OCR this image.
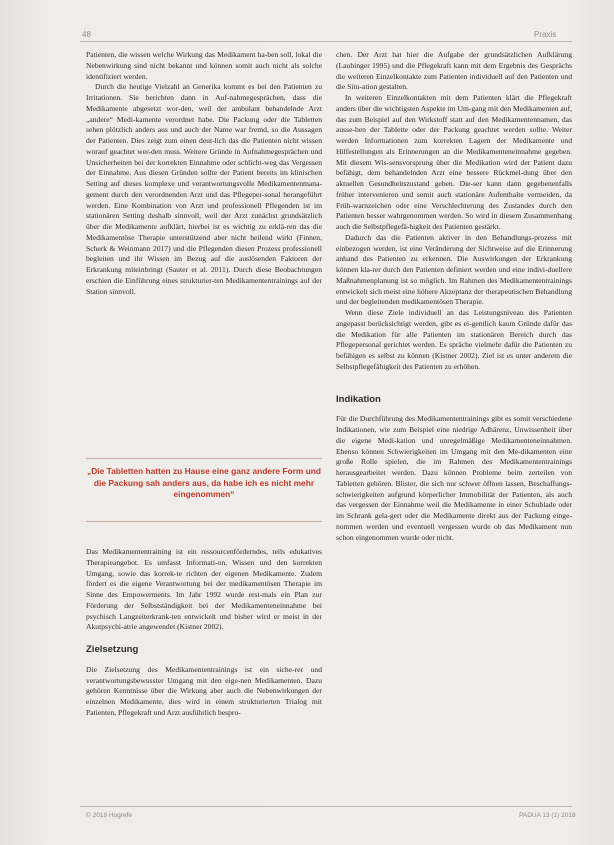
48	Praxis

Patienten, die wissen welche Wirkung das Medikament ha-ben soll, lokal die Nebenwirkung sind nicht bekannt und können somit auch nicht als solche identifiziert werden.

Durch die heutige Vielzahl an Generika kommt es bei den Patienten zu Irritationen. Sie berichten dann in Auf-nahmegesprächen, dass die Medikamente abgesetzt wor-den, weil der ambulant behandelnde Arzt „andere“ Medi-kamente verordnet habe. Die Packung oder die Tabletten sehen plötzlich anders aus und auch der Name war fremd, so die Aussagen der Patienten. Dies zeigt zum einen deut-lich das die Patienten nicht wissen worauf geachtet wer-den muss. Weitere Gründe in Aufnahmegesprächen und Unsicherheiten bei der korrekten Einnahme oder schlicht-weg das Vergessen der Einnahme. Aus diesen Gründen sollte der Patient bereits im klinischen Setting auf dieses komplexe und verantwortungsvolle Medikamentenmana-gement durch den verordnenden Arzt und das Pflegeper-sonal herangeführt werden. Eine Kombination von Arzt und professionell Pflegenden ist im stationären Setting deshalb sinnvoll, weil der Arzt zunächst grundsätzlich über die Medikamente aufklärt, hierbei ist es wichtig zu erklä-ren das die Medikamentöse Therapie unterstützend aber nicht heilend wirkt (Finnen, Scherk & Weinmann 2017) und die Pflegenden diesen Prozess professionell begleiten und ihr Wissen im Bezug auf die auslösenden Faktoren der Erkrankung miteinbringt (Sauter et al. 2011). Durch diese Beobachtungen erschien die Einführung eines strukturier-ten Medikamententrainings auf der Station sinnvoll.

„Die Tabletten hatten zu Hause eine ganz andere Form und die Packung sah anders aus, da habe ich es nicht mehr eingenommen“

Das Medikamententraining ist ein ressourcenförderndes, teils edukatives Therapieangebot. Es umfasst Informati-on, Wissen und den korrekten Umgang, sowie das korrek-te richten der eigenen Medikamente. Zudem fördert es die eigene Verantwortung bei der medikamentösen Therapie im Sinne des Empowerments. Im Jahr 1992 wurde erst-mals ein Plan zur Förderung der Selbstständigkeit bei der Medikamenteneinnahme bei psychisch Langzeiterkrank-ten entwickelt und bisher wird er meist in der Akutpsychi-atrie angewendet (Kistner 2002).

Zielsetzung

Die Zielsetzung des Medikamententrainings ist ein siche-rer und verantwortungsbewusster Umgang mit den eige-nen Medikamenten. Dazu gehören Kenntnisse über die Wirkung aber auch die Nebenwirkungen der einzelnen Medikamente, dies wird in einem strukturierten Trialog mit Patienten, Pflegekraft und Arzt ausführlich bespro-

chen. Der Arzt hat hier die Aufgabe der grundsätzlichen Aufklärung (Laubinger 1995) und die Pflegekraft kann mit dem Ergebnis des Gesprächs die weiteren Einzelkontakte zum Patienten individuell auf den Patienten und die Situ-ation gestalten.

In weiteren Einzelkontakten mit dem Patienten klärt die Pflegekraft anders über die wichtigsten Aspekte im Um-gang mit den Medikamenten auf, das zum Beispiel auf den Wirkstoff statt auf den Medikamentennamen, das ausse-hen der Tablette oder der Packung geachtet werden sollte. Weiter werden Informationen zum korrekten Lagern der Medikamente und Hilfestellungen als Erinnerungen an die Medikamenteneinnahme gegeben. Mit diesem Wis-sensvorsprung über die Medikation wird der Patient dazu befähigt, dem behandelnden Arzt eine bessere Rückmel-dung über den aktuellen Gesundheitszustand geben. Die-ser kann dann gegebenenfalls früher intervenieren und somit auch stationäre Aufenthalte vermeiden, da Früh-warnzeichen oder eine Verschlechterung des Zustandes durch den Patienten besser wahrgenommen werden. So wird in diesem Zusammenhang auch die Selbstpflegefä-higkeit des Patienten gestärkt.

Dadurch das die Patienten aktiver in den Behandlungs-prozess mit einbezogen werden, ist eine Veränderung der Sichtweise auf die Erinnerung anhand des Patienten zu erkennen. Die Auswirkungen der Erkrankung können kla-rer durch den Patienten definiert werden und eine indivi-duellere Maßnahmenplanung ist so möglich. Im Rahmen des Medikamententrainings entwickelt sich meist eine höhere Akzeptanz der therapeutischen Behandlung und der begleitenden medikamentösen Therapie.

Wenn diese Ziele individuell an das Leistungsniveau des Patienten angepasst berücksichtigt werden, gibt es ei-gentlich kaum Gründe dafür das die Medikation für alle Patienten im stationären Bereich durch das Pflegepersonal gerichtet werden. Es spräche vielmehr dafür die Patienten zu befähigen es selbst zu können (Kistner 2002). Ziel ist es unter anderem die Selbstpflegefähigkeit des Patienten zu erhöhen.

Indikation

Für die Durchführung des Medikamententrainings gibt es somit verschiedene Indikationen, wie zum Beispiel eine niedrige Adhärenz, Unwissenheit über die eigene Medi-kation und unregelmäßige Medikamenteneinnahmen. Ebenso können Schwierigkeiten im Umgang mit den Me-dikamenten eine große Rolle spielen, die im Rahmen des Medikamententrainings herausgearbeitet werden. Dazu können Probleme beim zerteilen von Tabletten gehören. Blister, die sich nur schwer öffnen lassen, Beschaffungs-schwierigkeiten aufgrund körperlicher Immobilität der Patienten, als auch das vergessen der Einnahme weil die Medikamente in einer Schublade oder im Schrank gela-gert oder die Medikamente direkt aus der Packung einge-nommen werden und eventuell vergessen wurde ob das Medikament nun schon eingenommen wurde oder nicht.

© 2018 Hogrefe	PADUA 13 (1) 2018
